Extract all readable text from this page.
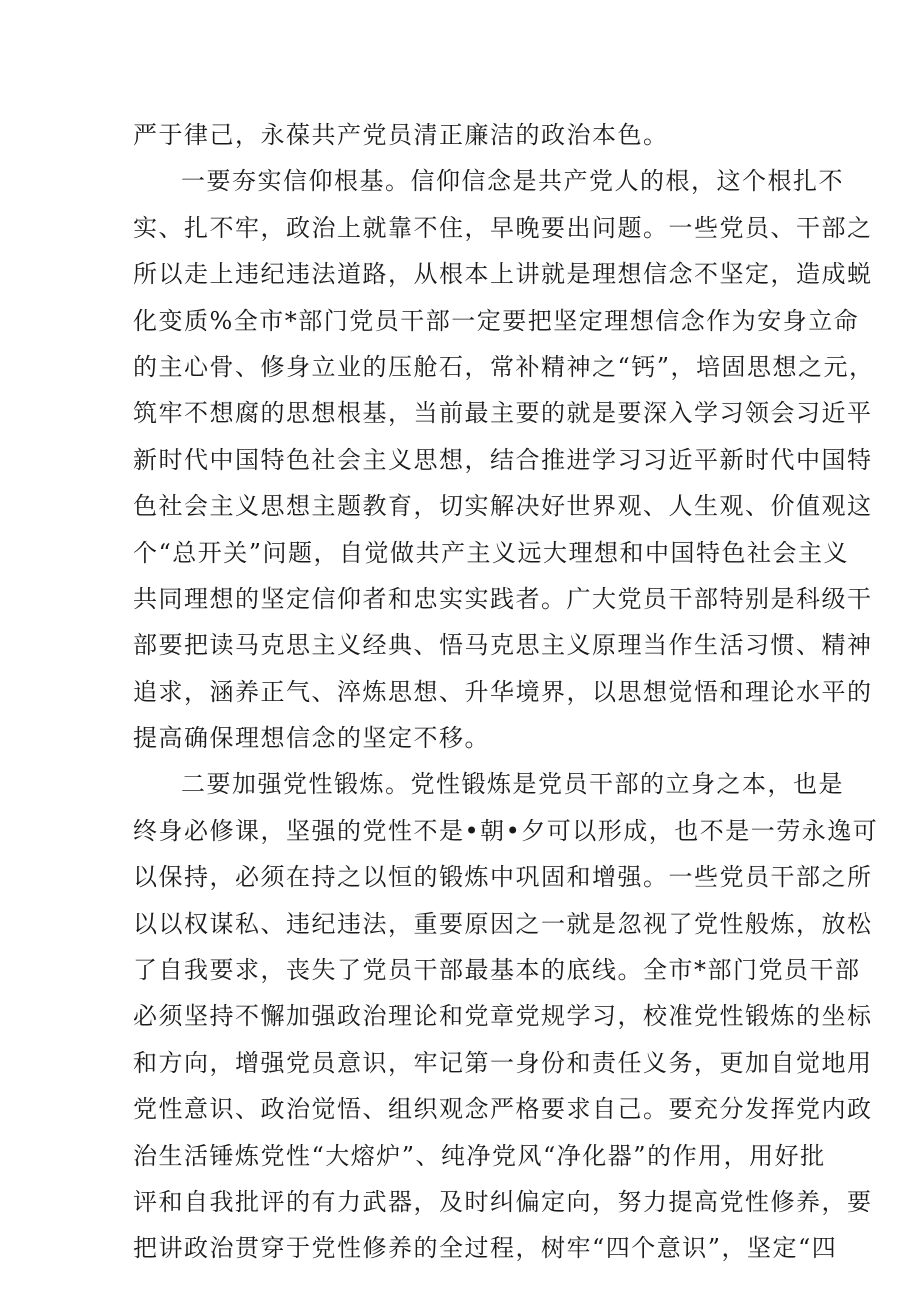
严于律己，永葆共产党员清正廉洁的政治本色。
一要夯实信仰根基。信仰信念是共产党人的根，这个根扎不
实、扎不牢，政治上就靠不住，早晚要出问题。一些党员、干部之
所以走上违纪违法道路，从根本上讲就是理想信念不坚定，造成蜕
化变质%全市*部门党员干部一定要把坚定理想信念作为安身立命
的主心骨、修身立业的压舱石，常补精神之“钙”，培固思想之元，
筑牢不想腐的思想根基，当前最主要的就是要深入学习领会习近平
新时代中国特色社会主义思想，结合推进学习习近平新时代中国特
色社会主义思想主题教育，切实解决好世界观、人生观、价值观这
个“总开关”问题，自觉做共产主义远大理想和中国特色社会主义
共同理想的坚定信仰者和忠实实践者。广大党员干部特别是科级干
部要把读马克思主义经典、悟马克思主义原理当作生活习惯、精神
追求，涵养正气、淬炼思想、升华境界，以思想觉悟和理论水平的
提高确保理想信念的坚定不移。
二要加强党性锻炼。党性锻炼是党员干部的立身之本，也是
终身必修课，坚强的党性不是•朝•夕可以形成，也不是一劳永逸可
以保持，必须在持之以恒的锻炼中巩固和增强。一些党员干部之所
以以权谋私、违纪违法，重要原因之一就是忽视了党性般炼，放松
了自我要求，丧失了党员干部最基本的底线。全市*部门党员干部
必须坚持不懈加强政治理论和党章党规学习，校准党性锻炼的坐标
和方向，增强党员意识，牢记第一身份和责任义务，更加自觉地用
党性意识、政治觉悟、组织观念严格要求自己。要充分发挥党内政
治生活锤炼党性“大熔炉”、纯净党风“净化器”的作用，用好批
评和自我批评的有力武器，及时纠偏定向，努力提高党性修养，要
把讲政治贯穿于党性修养的全过程，树牢“四个意识”，坚定“四
